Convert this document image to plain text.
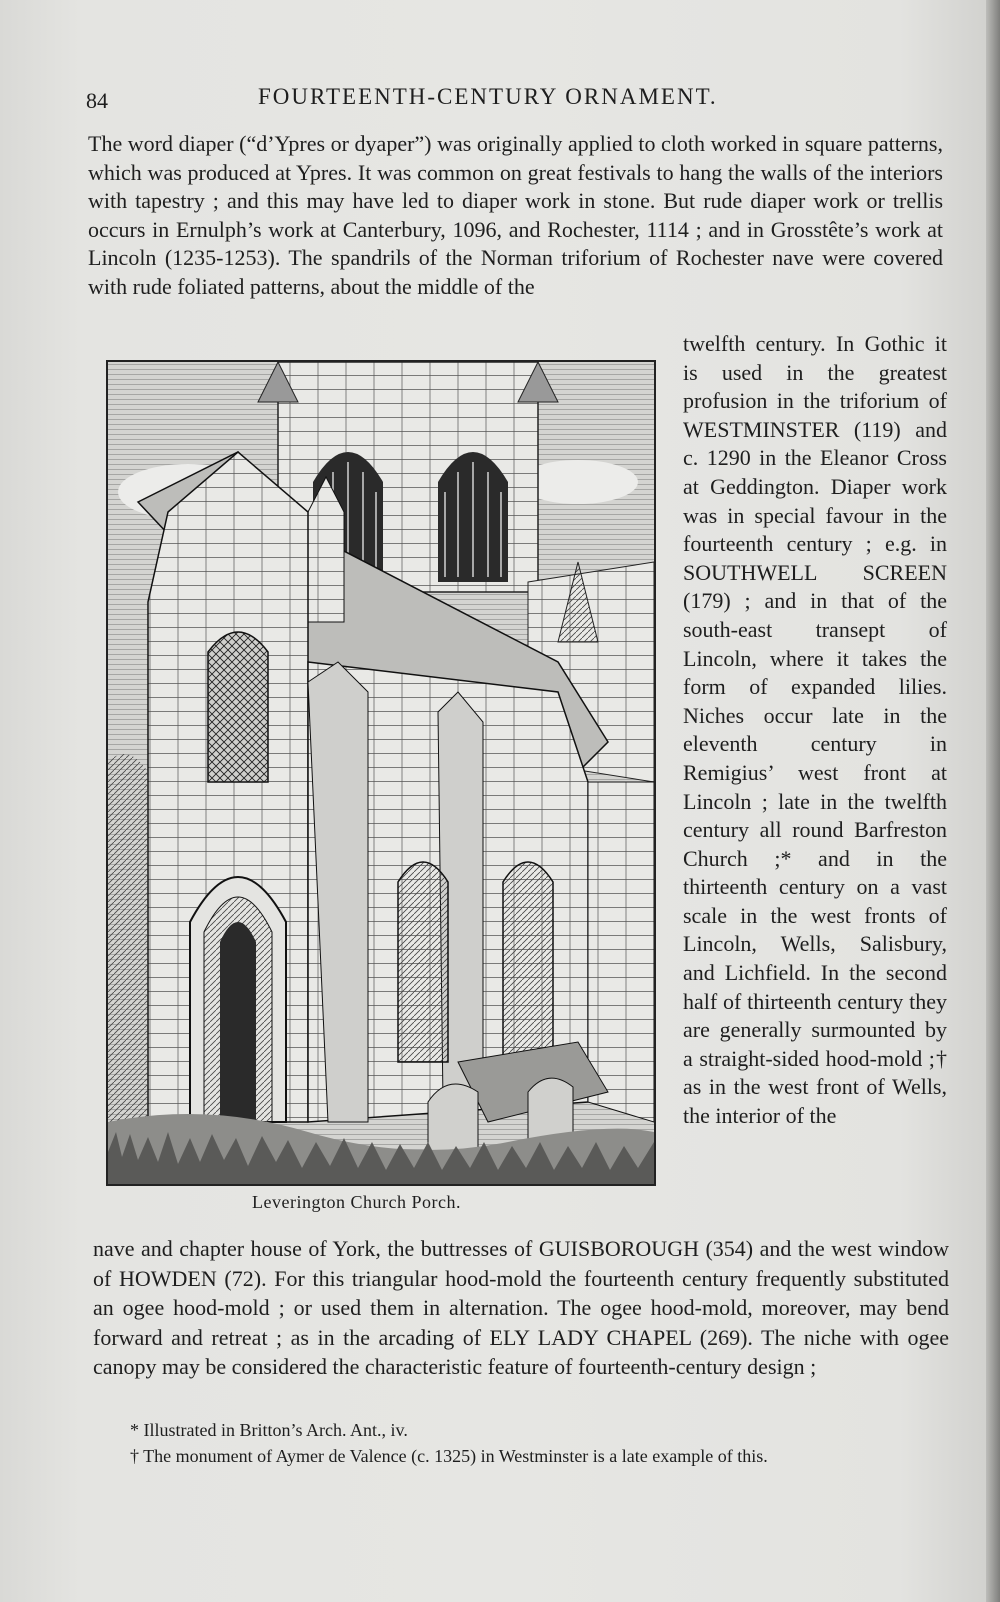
84	FOURTEENTH-CENTURY ORNAMENT.

The word diaper (“d’Ypres or dyaper”) was originally applied to cloth worked in square patterns, which was produced at Ypres. It was common on great festivals to hang the walls of the interiors with tapestry ; and this may have led to diaper work in stone. But rude diaper work or trellis occurs in Ernulph’s work at Canterbury, 1096, and Rochester, 1114 ; and in Grosstête’s work at Lincoln (1235-1253). The spandrils of the Norman triforium of Rochester nave were covered with rude foliated patterns, about the middle of the

Leverington Church Porch.

twelfth century. In Gothic it is used in the greatest profusion in the triforium of WESTMINSTER (119) and c. 1290 in the Eleanor Cross at Geddington. Diaper work was in special favour in the fourteenth century ; e.g. in SOUTHWELL SCREEN (179) ; and in that of the south-east transept of Lincoln, where it takes the form of expanded lilies. Niches occur late in the eleventh century in Remigius’ west front at Lincoln ; late in the twelfth century all round Barfreston Church ;* and in the thirteenth century on a vast scale in the west fronts of Lincoln, Wells, Salisbury, and Lichfield. In the second half of thirteenth century they are generally surmounted by a straight-sided hood-mold ;† as in the west front of Wells, the interior of the

nave and chapter house of York, the buttresses of GUISBOROUGH (354) and the west window of HOWDEN (72). For this triangular hood-mold the fourteenth century frequently substituted an ogee hood-mold ; or used them in alternation. The ogee hood-mold, moreover, may bend forward and retreat ; as in the arcading of ELY LADY CHAPEL (269). The niche with ogee canopy may be considered the characteristic feature of fourteenth-century design ;

* Illustrated in Britton’s Arch. Ant., iv.

† The monument of Aymer de Valence (c. 1325) in Westminster is a late example of this.
